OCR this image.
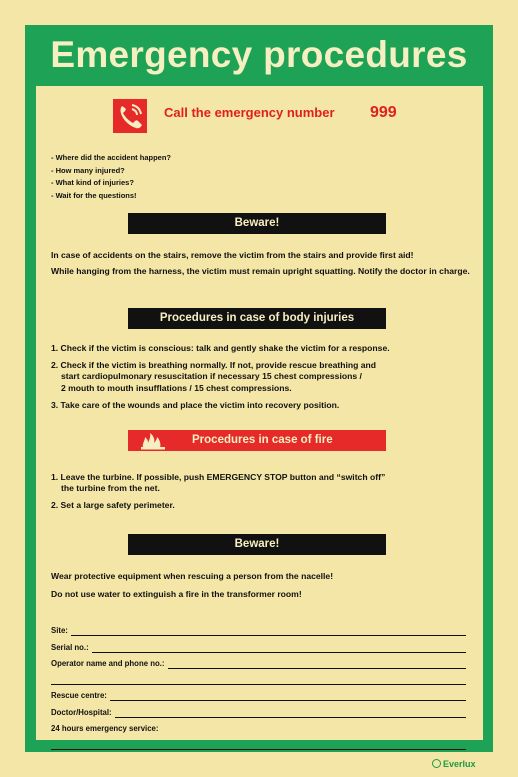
Emergency procedures
Call the emergency number 999
- Where did the accident happen?
- How many injured?
- What kind of injuries?
- Wait for the questions!
Beware!
In case of accidents on the stairs, remove the victim from the stairs and provide first aid!
While hanging from the harness, the victim must remain upright squatting. Notify the doctor in charge.
Procedures in case of body injuries
1. Check if the victim is conscious: talk and gently shake the victim for a response.
2. Check if the victim is breathing normally. If not, provide rescue breathing and
start cardiopulmonary resuscitation if necessary 15 chest compressions /
2 mouth to mouth insufflations / 15 chest compressions.
3. Take care of the wounds and place the victim into recovery position.
Procedures in case of fire
1. Leave the turbine. If possible, push EMERGENCY STOP button and “switch off”
the turbine from the net.
2. Set a large safety perimeter.
Beware!
Wear protective equipment when rescuing a person from the nacelle!
Do not use water to extinguish a fire in the transformer room!
Site:
Serial no.:
Operator name and phone no.:
Rescue centre:
Doctor/Hospital:
24 hours emergency service:
Everlux
